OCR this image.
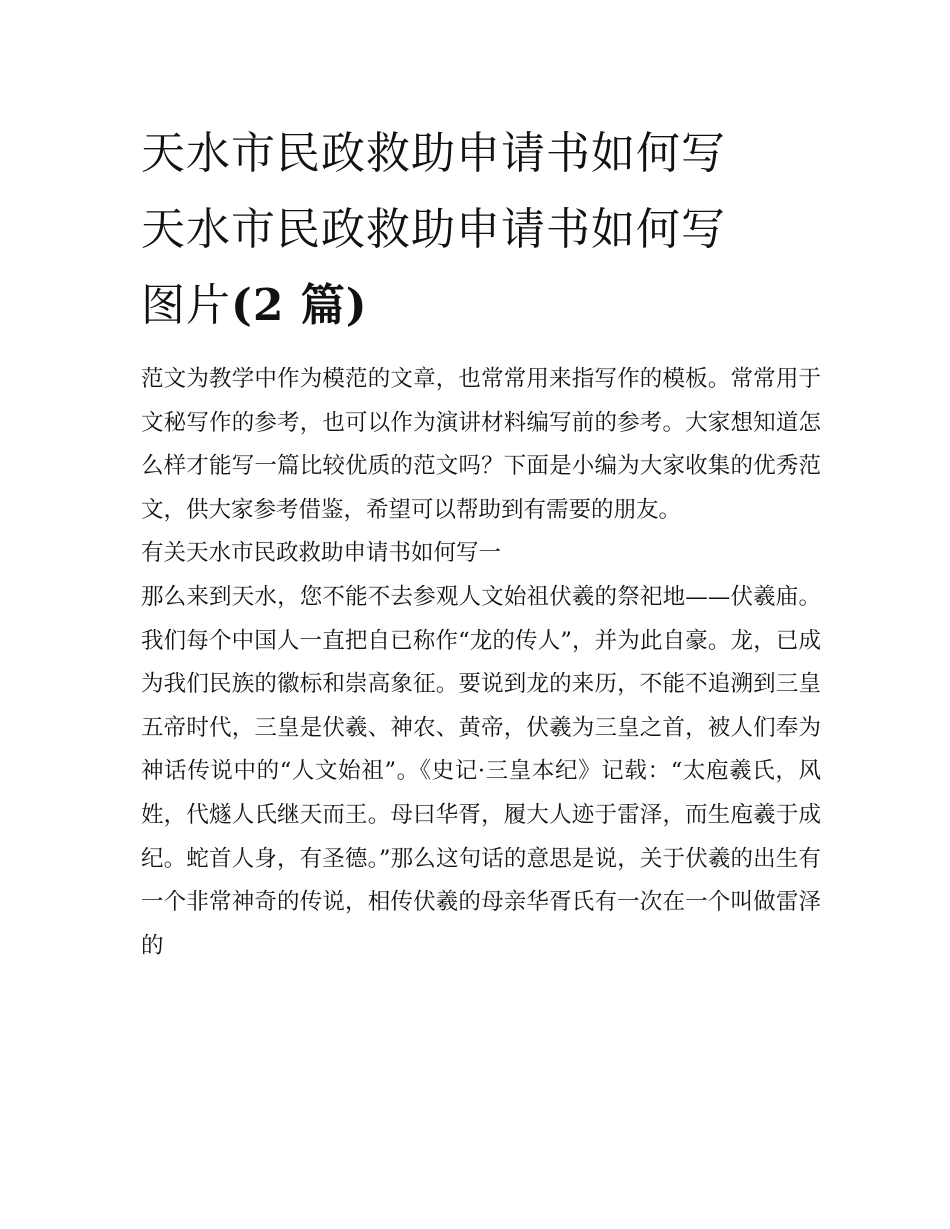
天水市民政救助申请书如何写
天水市民政救助申请书如何写
图片(2 篇)

范文为教学中作为模范的文章，也常常用来指写作的模板。常常用于文秘写作的参考，也可以作为演讲材料编写前的参考。大家想知道怎么样才能写一篇比较优质的范文吗？下面是小编为大家收集的优秀范文，供大家参考借鉴，希望可以帮助到有需要的朋友。

有关天水市民政救助申请书如何写一

那么来到天水，您不能不去参观人文始祖伏羲的祭祀地——伏羲庙。我们每个中国人一直把自已称作“龙的传人”，并为此自豪。龙，已成为我们民族的徽标和崇高象征。要说到龙的来历，不能不追溯到三皇五帝时代，三皇是伏羲、神农、黄帝，伏羲为三皇之首，被人们奉为神话传说中的“人文始祖”。《史记·三皇本纪》记载：“太庖羲氏，风姓，代燧人氏继天而王。母曰华胥，履大人迹于雷泽，而生庖羲于成纪。蛇首人身，有圣德。”那么这句话的意思是说，关于伏羲的出生有一个非常神奇的传说，相传伏羲的母亲华胥氏有一次在一个叫做雷泽的
